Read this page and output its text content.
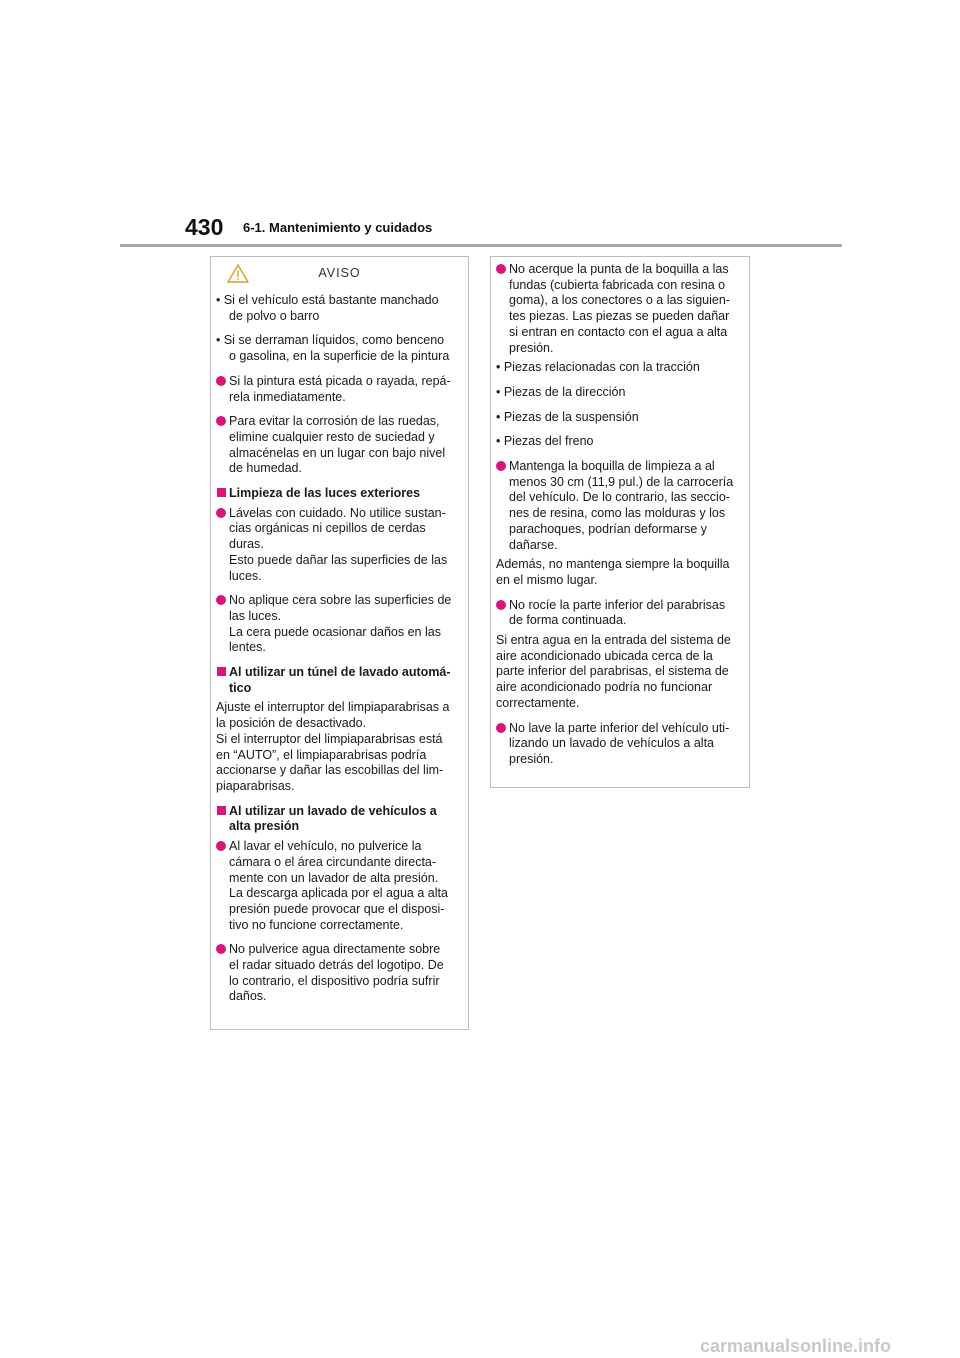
430 6-1. Mantenimiento y cuidados
AVISO
• Si el vehículo está bastante manchado
de polvo o barro
• Si se derraman líquidos, como benceno
o gasolina, en la superficie de la pintura
Si la pintura está picada o rayada, repá-
rela inmediatamente.
Para evitar la corrosión de las ruedas,
elimine cualquier resto de suciedad y
almacénelas en un lugar con bajo nivel
de humedad.
Limpieza de las luces exteriores
Lávelas con cuidado. No utilice sustan-
cias orgánicas ni cepillos de cerdas
duras.
Esto puede dañar las superficies de las
luces.
No aplique cera sobre las superficies de
las luces.
La cera puede ocasionar daños en las
lentes.
Al utilizar un túnel de lavado automá-
tico
Ajuste el interruptor del limpiaparabrisas a
la posición de desactivado.
Si el interruptor del limpiaparabrisas está
en “AUTO”, el limpiaparabrisas podría
accionarse y dañar las escobillas del lim-
piaparabrisas.
Al utilizar un lavado de vehículos a
alta presión
Al lavar el vehículo, no pulverice la
cámara o el área circundante directa-
mente con un lavador de alta presión.
La descarga aplicada por el agua a alta
presión puede provocar que el disposi-
tivo no funcione correctamente.
No pulverice agua directamente sobre
el radar situado detrás del logotipo. De
lo contrario, el dispositivo podría sufrir
daños.
No acerque la punta de la boquilla a las
fundas (cubierta fabricada con resina o
goma), a los conectores o a las siguien-
tes piezas. Las piezas se pueden dañar
si entran en contacto con el agua a alta
presión.
• Piezas relacionadas con la tracción
• Piezas de la dirección
• Piezas de la suspensión
• Piezas del freno
Mantenga la boquilla de limpieza a al
menos 30 cm (11,9 pul.) de la carrocería
del vehículo. De lo contrario, las seccio-
nes de resina, como las molduras y los
parachoques, podrían deformarse y
dañarse.
Además, no mantenga siempre la boquilla
en el mismo lugar.
No rocíe la parte inferior del parabrisas
de forma continuada.
Si entra agua en la entrada del sistema de
aire acondicionado ubicada cerca de la
parte inferior del parabrisas, el sistema de
aire acondicionado podría no funcionar
correctamente.
No lave la parte inferior del vehículo uti-
lizando un lavado de vehículos a alta
presión.
carmanualsonline.info
